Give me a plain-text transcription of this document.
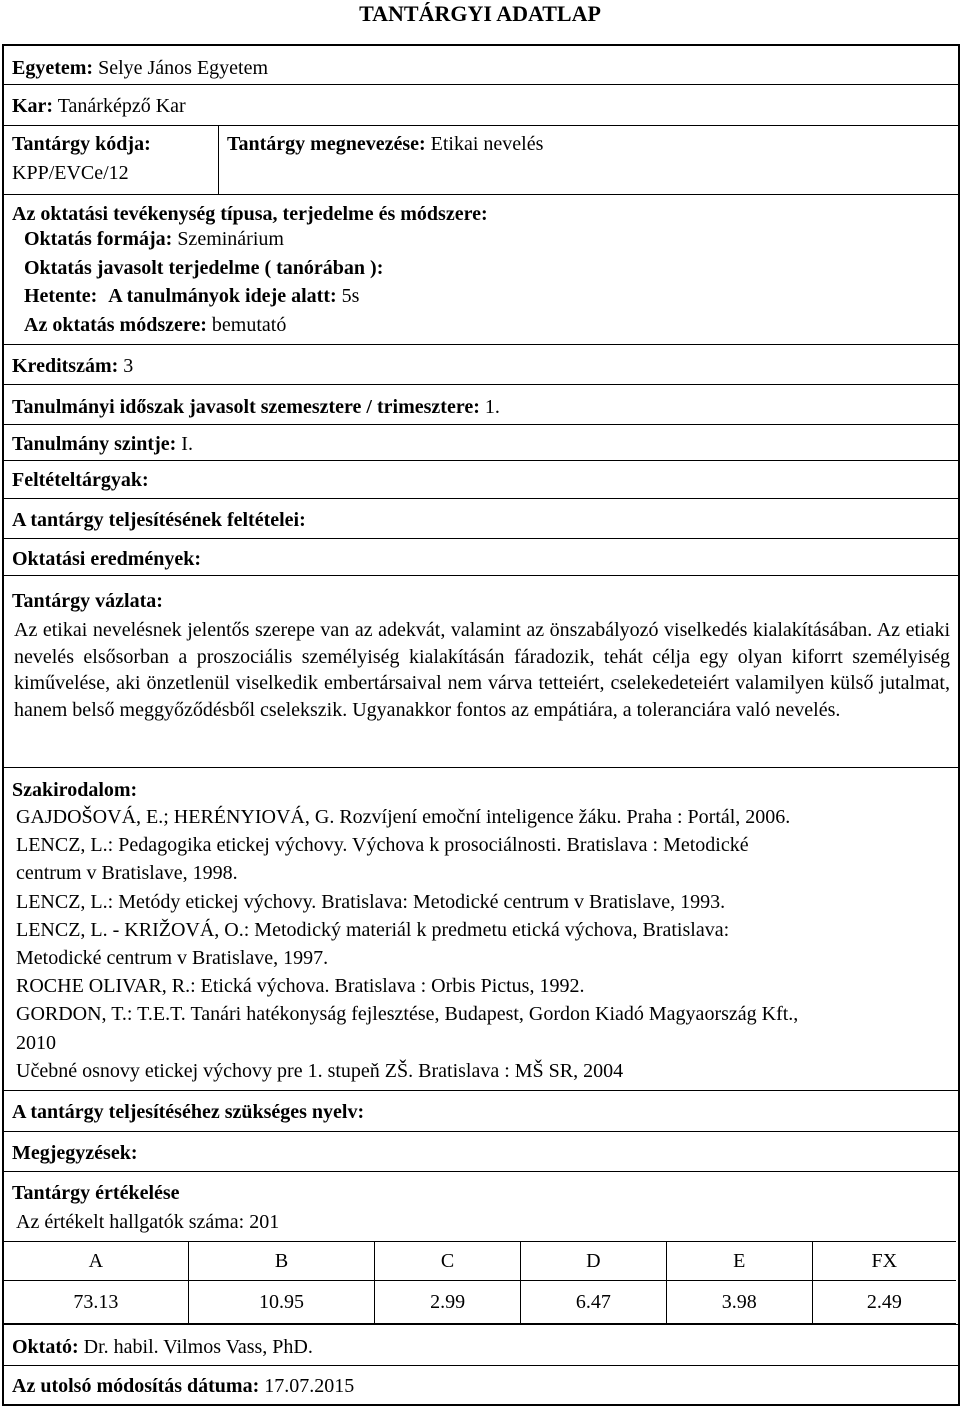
TANTÁRGYI ADATLAP
Egyetem: Selye János Egyetem
Kar: Tanárképző Kar
Tantárgy kódja:
KPP/EVCe/12
Tantárgy megnevezése: Etikai nevelés
Az oktatási tevékenység típusa, terjedelme és módszere:
Oktatás formája: Szeminárium
Oktatás javasolt terjedelme ( tanórában ):
Hetente: A tanulmányok ideje alatt: 5s
Az oktatás módszere: bemutató
Kreditszám: 3
Tanulmányi időszak javasolt szemesztere / trimesztere: 1.
Tanulmány szintje: I.
Feltételtárgyak:
A tantárgy teljesítésének feltételei:
Oktatási eredmények:
Tantárgy vázlata:
Az etikai nevelésnek jelentős szerepe van az adekvát, valamint az önszabályozó viselkedés kialakításában. Az etiaki nevelés elsősorban a proszociális személyiség kialakításán fáradozik, tehát célja egy olyan kiforrt személyiség kiművelése, aki önzetlenül viselkedik embertársaival nem várva tetteiért, cselekedeteiért valamilyen külső jutalmat, hanem belső meggyőződésből cselekszik. Ugyanakkor fontos az empátiára, a toleranciára való nevelés.
Szakirodalom:
GAJDOŠOVÁ, E.; HERÉNYIOVÁ, G. Rozvíjení emoční inteligence žáku. Praha : Portál, 2006.
LENCZ, L.: Pedagogika etickej výchovy. Výchova k prosociálnosti. Bratislava : Metodické
centrum v Bratislave, 1998.
LENCZ, L.: Metódy etickej výchovy. Bratislava: Metodické centrum v Bratislave, 1993.
LENCZ, L. - KRIŽOVÁ, O.: Metodický materiál k predmetu etická výchova, Bratislava:
Metodické centrum v Bratislave, 1997.
ROCHE OLIVAR, R.: Etická výchova. Bratislava : Orbis Pictus, 1992.
GORDON, T.: T.E.T. Tanári hatékonyság fejlesztése, Budapest, Gordon Kiadó Magyaország Kft.,
2010
Učebné osnovy etickej výchovy pre 1. stupeň ZŠ. Bratislava : MŠ SR, 2004
A tantárgy teljesítéséhez szükséges nyelv:
Megjegyzések:
Tantárgy értékelése
Az értékelt hallgatók száma: 201
A	B	C	D	E	FX
73.13	10.95	2.99	6.47	3.98	2.49
Oktató: Dr. habil. Vilmos Vass, PhD.
Az utolsó módosítás dátuma: 17.07.2015
